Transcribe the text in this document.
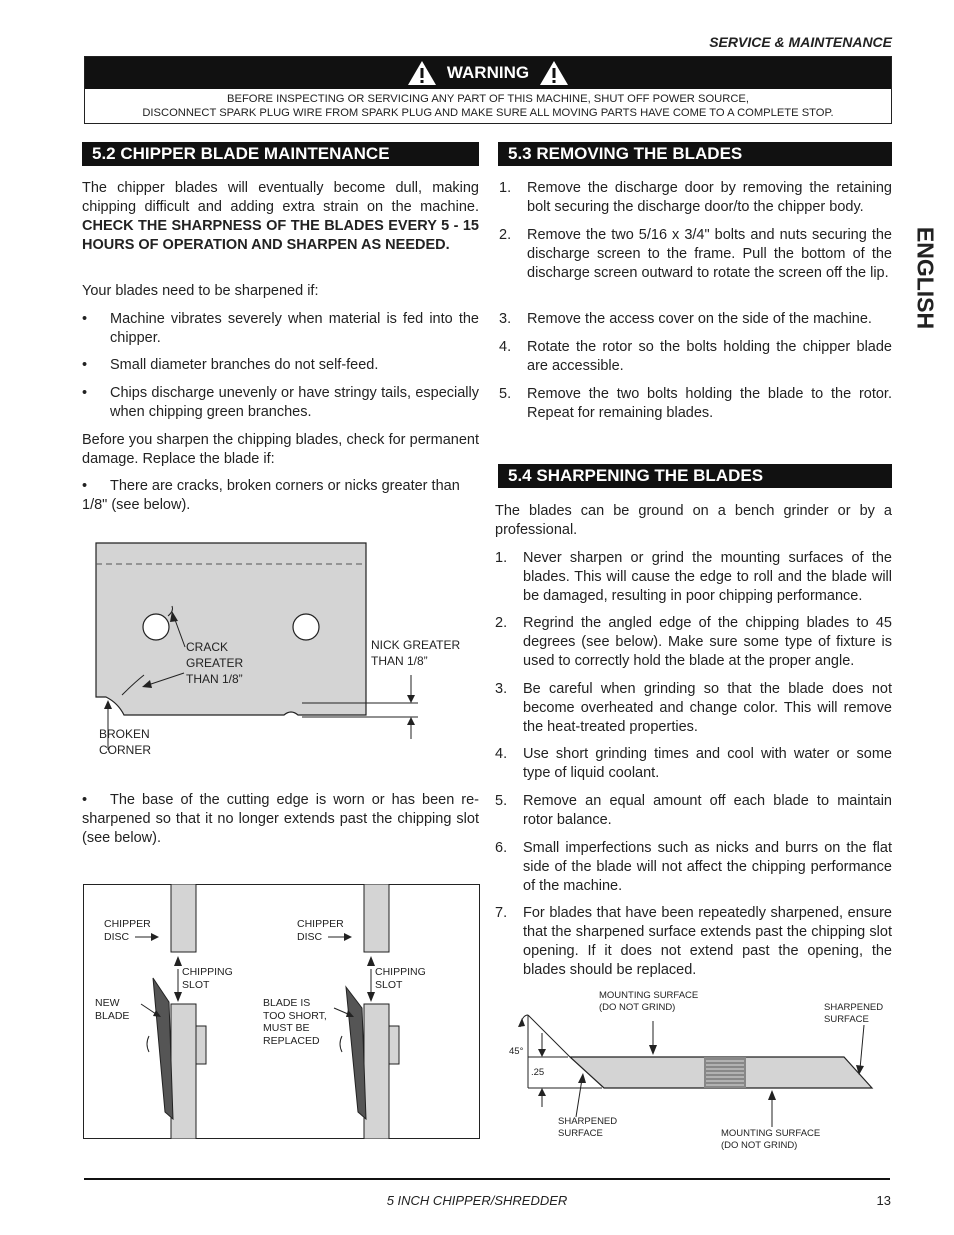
SERVICE & MAINTENANCE
WARNING
BEFORE INSPECTING OR SERVICING ANY PART OF THIS MACHINE, SHUT OFF POWER SOURCE,
DISCONNECT SPARK PLUG WIRE FROM SPARK PLUG AND MAKE SURE ALL MOVING PARTS HAVE COME TO A COMPLETE STOP.
ENGLISH
5.2 CHIPPER BLADE MAINTENANCE
The chipper blades will eventually become dull, making chipping difficult and adding extra strain on the machine. CHECK THE SHARPNESS OF THE BLADES EVERY 5 - 15 HOURS OF OPERATION AND SHARPEN AS NEEDED.
Your blades need to be sharpened if:
• Machine vibrates severely when material is fed into the chipper.
• Small diameter branches do not self-feed.
• Chips discharge unevenly or have stringy tails, especially when chipping green branches.
Before you sharpen the chipping blades, check for permanent damage. Replace the blade if:
• There are cracks, broken corners or nicks greater than 1/8" (see below).
CRACK
GREATER
THAN 1/8”
NICK GREATER
THAN 1/8”
BROKEN
CORNER
• The base of the cutting edge is worn or has been re-sharpened so that it no longer extends past the chipping slot (see below).
CHIPPER
DISC
CHIPPING
SLOT
NEW
BLADE
CHIPPER
DISC
CHIPPING
SLOT
BLADE IS
TOO SHORT,
MUST BE
REPLACED
5.3 REMOVING THE BLADES
1. Remove the discharge door by removing the retaining bolt securing the discharge door/to the chipper body.
2. Remove the two 5/16 x 3/4" bolts and nuts securing the discharge screen to the frame. Pull the bottom of the discharge screen outward to rotate the screen off the lip.
3. Remove the access cover on the side of the machine.
4. Rotate the rotor so the bolts holding the chipper blade are accessible.
5. Remove the two bolts holding the blade to the rotor. Repeat for remaining blades.
5.4 SHARPENING THE BLADES
The blades can be ground on a bench grinder or by a professional.
1. Never sharpen or grind the mounting surfaces of the blades. This will cause the edge to roll and the blade will be damaged, resulting in poor chipping performance.
2. Regrind the angled edge of the chipping blades to 45 degrees (see below). Make sure some type of fixture is used to correctly hold the blade at the proper angle.
3. Be careful when grinding so that the blade does not become overheated and change color. This will remove the heat-treated properties.
4. Use short grinding times and cool with water or some type of liquid coolant.
5. Remove an equal amount off each blade to maintain rotor balance.
6. Small imperfections such as nicks and burrs on the flat side of the blade will not affect the chipping performance of the machine.
7. For blades that have been repeatedly sharpened, ensure that the sharpened surface extends past the chipping slot opening. If it does not extend past the opening, the blades should be replaced.
MOUNTING SURFACE
(DO NOT GRIND)	SHARPENED
SURFACE
45°
.25
SHARPENED
SURFACE	MOUNTING SURFACE
(DO NOT GRIND)
5 INCH CHIPPER/SHREDDER	13
